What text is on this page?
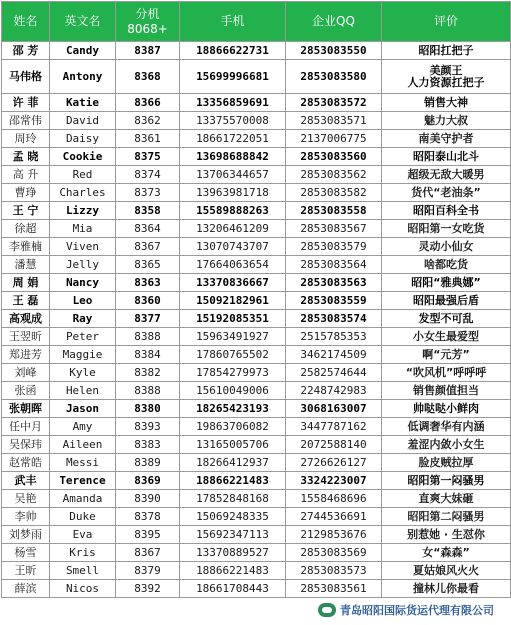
姓名	英文名	分机
8068+	手机	企业QQ	评价
邵 芳	Candy	8387	18866622731	2853083550	昭阳扛把子
马伟格	Antony	8368	15699996681	2853083580	美颜王
人力资源扛把子
许 菲	Katie	8366	13356859691	2853083572	销售大神
邵常伟	David	8362	13375570008	2853083571	魅力大叔
周玲	Daisy	8361	18661722051	2137006775	南美守护者
孟 晓	Cookie	8375	13698688842	2853083560	昭阳泰山北斗
高 升	Red	8374	13706344657	2853083562	超级无敌大暖男
曹琤	Charles	8373	13963981718	2853083582	货代“老油条”
王 宁	Lizzy	8358	15589888263	2853083558	昭阳百科全书
徐超	Mia	8364	13206461209	2853083567	昭阳第一女吃货
李雅楠	Viven	8367	13070743707	2853083579	灵动小仙女
潘慧	Jelly	8365	17664063654	2853083564	啥都吃货
周 娟	Nancy	8363	13370836667	2853083563	昭阳“雅典娜”
王 磊	Leo	8360	15092182961	2853083559	昭阳最强后盾
高观成	Ray	8377	15192085351	2853083574	发型不可乱
王翌昕	Peter	8388	15963491927	2515785353	小女生最爱型
郑进芳	Maggie	8384	17860765502	3462174509	啊“元芳”
刘峰	Kyle	8382	17854279973	2582574644	“吹风机”呼呼呼
张函	Helen	8388	15610049006	2248742983	销售颜值担当
张朝晖	Jason	8380	18265423193	3068163007	帅哒哒小鲜肉
任中月	Amy	8393	19863706082	3447787162	低调奢华有内涵
吴保玮	Aileen	8383	13165005706	2072588140	羞涩内敛小女生
赵常皓	Messi	8389	18266412937	2726626127	脸皮贼拉厚
武丰	Terence	8369	18866221483	3324223007	昭阳第一闷骚男
吴艳	Amanda	8390	17852848168	1558468696	直爽大妹砸
李帅	Duke	8378	15069248335	2744536691	昭阳第二闷骚男
刘梦雨	Eva	8395	15692347113	2129853676	别惹她 · 生怼你
杨雪	Kris	8367	13370889527	2853083569	女“森森”
王昕	Smell	8379	18866221483	2853083573	夏姑娘风火火
薛滨	Nicos	8392	18661708443	2853083561	撞林儿你最看
青岛昭阳国际货运代理有限公司
